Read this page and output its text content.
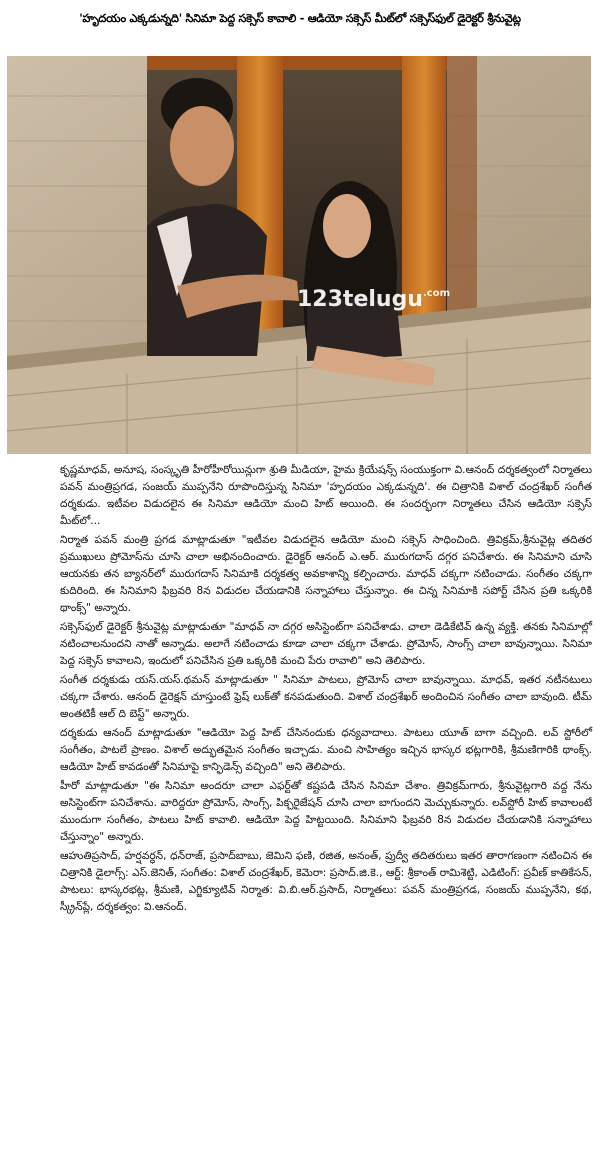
'హృదయం ఎక్కడున్నది' సినిమా పెద్ద సక్సెస్ కావాలి - ఆడియో సక్సెస్ మీట్‌లో సక్సెస్‌ఫుల్ డైరెక్టర్ శ్రీనువైట్ల
123telugu$^{.com}$

కృష్ణమాధవ్, అనూష, సంస్కృతి హీరోహీరోయిన్లుగా శ్రుతి మీడియా, హైమ క్రియేషన్స్ సంయుక్తంగా వి.ఆనంద్ దర్శకత్వంలో నిర్మాతలు పవన్ మంత్రిప్రగడ, సంజయ్ ముప్పనేని రూపొందిస్తున్న సినిమా 'హృదయం ఎక్కడున్నది'. ఈ చిత్రానికి విశాల్ చంద్రశేఖర్ సంగీత దర్శకుడు. ఇటీవల విడుదలైన ఈ సినిమా ఆడియో మంచి హిట్ అయింది. ఈ సందర్భంగా నిర్మాతలు చేసిన ఆడియో సక్సెస్ మీట్‌లో...

నిర్మాత పవన్ మంత్రి ప్రగడ మాట్లాడుతూ "ఇటీవల విడుదలైన ఆడియో మంచి సక్సెస్ సాధించింది. త్రివిక్రమ్,శ్రీనువైట్ల తదితర ప్రముఖులు ప్రోమోస్‌ను చూసి చాలా అభినందించారు. డైరెక్టర్ ఆనంద్ ఎ.ఆర్. మురుగదాస్ దగ్గర పనిచేశారు. ఈ సినిమాని చూసి ఆయనకు తన బ్యానర్‌లో మురుగదాస్ సినిమాకి దర్శకత్వ అవకాశాన్ని కల్పించారు. మాధవ్ చక్కగా నటించాడు. సంగీతం చక్కగా కుదిరింది. ఈ సినిమాని ఫిబ్రవరి 8న విడుదల చేయడానికి సన్నాహాలు చేస్తున్నాం. ఈ చిన్న సినిమాకి సపోర్ట్ చేసిన ప్రతి ఒక్కరికి థాంక్స్" అన్నారు.

సక్సెస్‌ఫుల్ డైరెక్టర్ శ్రీనువైట్ల మాట్లాడుతూ "మాధవ్ నా దగ్గర అసిస్టెంట్‌గా పనిచేశాడు. చాలా డెడికేటివ్ ఉన్న వ్యక్తి. తనకు సినిమాల్లో నటించాలనుందని నాతో అన్నాడు. అలాగే నటించాడు కూడా చాలా చక్కగా చేశాడు. ప్రోమోస్, సాంగ్స్ చాలా బావున్నాయి. సినిమా పెద్ద సక్సెస్ కావాలని, ఇందులో పనిచేసిన ప్రతి ఒక్కరికి మంచి పేరు రావాలి" అని తెలిపారు.

సంగీత దర్శకుడు యస్.యస్.థమన్ మాట్లాడుతూ " సినిమా పాటలు, ప్రోమోస్ చాలా బావున్నాయి. మాధవ్, ఇతర నటీనటులు చక్కగా చేశారు. ఆనంద్ డైరెక్షన్ చూస్తుంటే ఫ్రెష్ లుక్‌తో కనపడుతుంది. విశాల్ చంద్రశేఖర్ అందించిన సంగీతం చాలా బావుంది. టీమ్ అంతటికీ ఆల్ ది బెస్ట్" అన్నారు.

దర్శకుడు ఆనంద్ మాట్లాడుతూ "ఆడియో పెద్ద హిట్ చేసినందుకు ధన్యవాదాలు. పాటలు యూత్ బాగా వచ్చింది. లవ్ స్టోరీలో సంగీతం, పాటలే ప్రాణం. విశాల్ అద్భుతమైన సంగీతం ఇచ్చాడు. మంచి సాహిత్యం ఇచ్చిన భాస్కర భట్లగారికి, శ్రీమణిగారికి థాంక్స్. ఆడియో హిట్ కావడంతో సినిమాపై కాన్ఫిడెన్స్ వచ్చింది" అని తెలిపారు.

హీరో మాట్లాడుతూ "ఈ సినిమా అందరూ చాలా ఎఫర్ట్‌తో కష్టపడి చేసిన సినిమా చేశాం. త్రివిక్రమ్‌గారు, శ్రీనువైట్లగారి వద్ద నేను అసిస్టెంట్‌గా పనిచేశాను. వారిద్దరూ ప్రోమోస్, సాంగ్స్, పిక్చరైజేషన్ చూసి చాలా బాగుందని మెచ్చుకున్నారు. లవ్‌స్టోరీ హిట్ కావాలంటే ముందుగా సంగీతం, పాటలు హిట్ కావాలి. ఆడియో పెద్ద హిట్టయింది. సినిమాని ఫిబ్రవరి 8న విడుదల చేయడానికి సన్నాహాలు చేస్తున్నాం" అన్నారు.

ఆహుతిప్రసాద్, హర్షవర్ధన్, ధన్‌రాజ్, ప్రసాద్‌బాబు, జెమిని ఫణి, రజిత, అనంత్, ప్రుద్వీ తదితరులు ఇతర తారాగణంగా నటించిన ఈ చిత్రానికి డైలాగ్స్: ఎస్.జెనిత్, సంగీతం: విశాల్ చంద్రశేఖర్, కెమెరా: ప్రసాద్.జి.కె., ఆర్ట్: శ్రీకాంత్ రామిశెట్టి, ఎడిటింగ్: ప్రవీణ్ కాతికేసన్, పాటలు: భాస్కరభట్ల, శ్రీమణి, ఎగ్జిక్యూటివ్ నిర్మాత: వి.బి.ఆర్.ప్రసాద్, నిర్మాతలు: పవన్ మంత్రిప్రగడ, సంజయ్ ముప్పనేని, కథ, స్క్రీన్‌ప్లే, దర్శకత్వం: వి.ఆనంద్.
